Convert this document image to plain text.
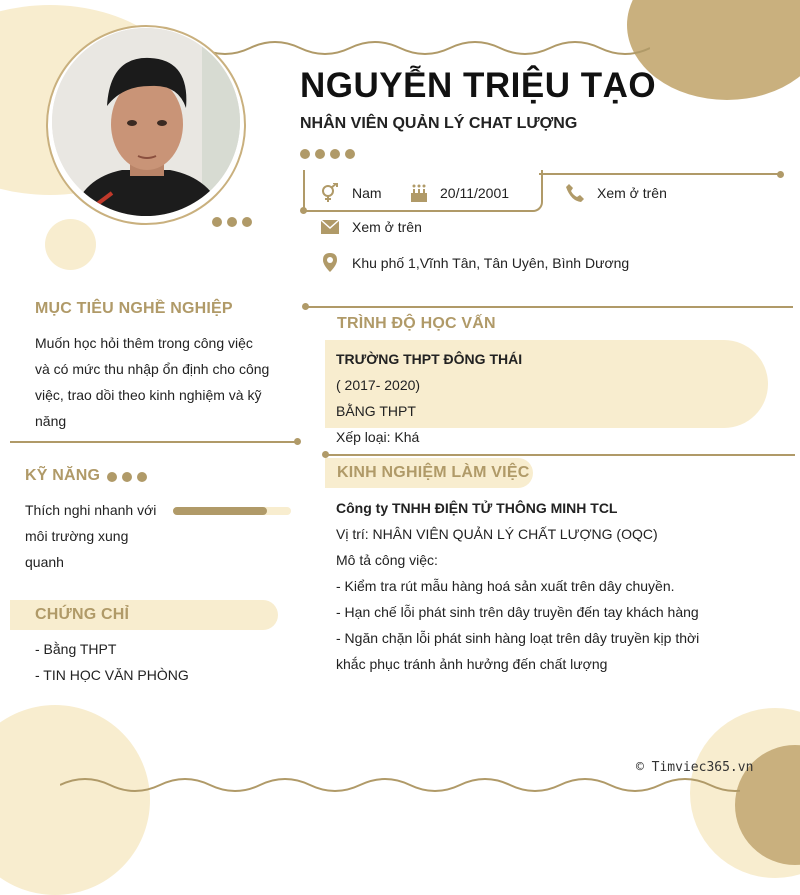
NGUYỄN TRIỆU TẠO
NHÂN VIÊN QUẢN LÝ CHAT LƯỢNG
Nam	20/11/2001	Xem ở trên
Xem ở trên
Khu phố 1,Vĩnh Tân, Tân Uyên, Bình Dương
MỤC TIÊU NGHỀ NGHIỆP
Muốn học hỏi thêm trong công việc
và có mức thu nhập ổn định cho công
việc, trao dồi theo kinh nghiệm và kỹ
năng
KỸ NĂNG
Thích nghi nhanh với
môi trường xung
quanh
CHỨNG CHỈ
- Bằng THPT
- TIN HỌC VĂN PHÒNG
TRÌNH ĐỘ HỌC VẤN
TRƯỜNG THPT ĐÔNG THÁI
( 2017- 2020)
BẰNG THPT
Xếp loại: Khá
KINH NGHIỆM LÀM VIỆC
Công ty TNHH ĐIỆN TỬ THÔNG MINH TCL
Vị trí: NHÂN VIÊN QUẢN LÝ CHẤT LƯỢNG (OQC)
Mô tả công việc:
- Kiểm tra rút mẫu hàng hoá sản xuất trên dây chuyền.
- Hạn chế lỗi phát sinh trên dây truyền đến tay khách hàng
- Ngăn chặn lỗi phát sinh hàng loạt trên dây truyền kịp thời
khắc phục tránh ảnh hưởng đến chất lượng
© Timviec365.vn
